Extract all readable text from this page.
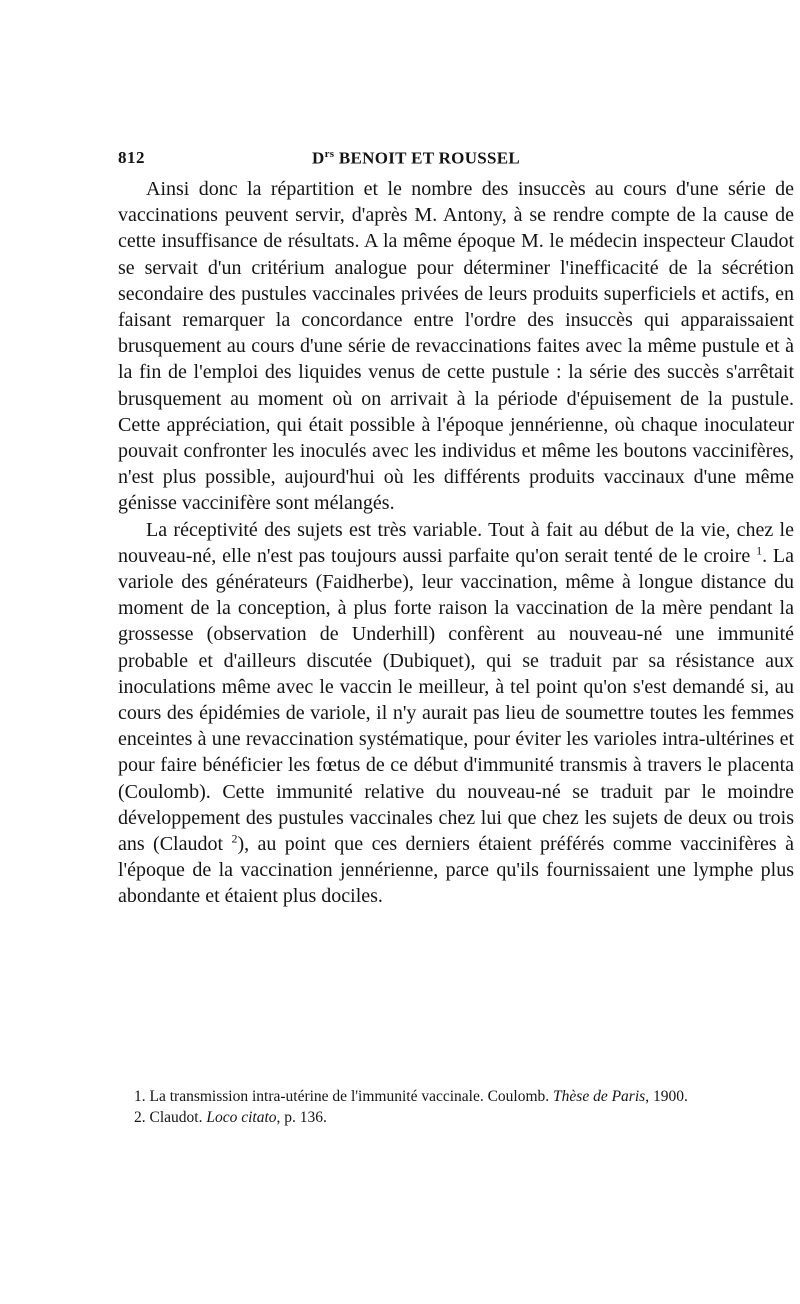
812	$D^{rs}$ BENOIT ET ROUSSEL

Ainsi donc la répartition et le nombre des insuccès au cours d'une série de vaccinations peuvent servir, d'après M. Antony, à se rendre compte de la cause de cette insuffisance de résultats. A la même époque M. le médecin inspecteur Claudot se servait d'un critérium analogue pour déterminer l'inefficacité de la sécrétion secondaire des pustules vaccinales privées de leurs produits superficiels et actifs, en faisant remarquer la concordance entre l'ordre des insuccès qui apparaissaient brusquement au cours d'une série de revaccinations faites avec la même pustule et à la fin de l'emploi des liquides venus de cette pustule : la série des succès s'arrêtait brusquement au moment où on arrivait à la période d'épuisement de la pustule. Cette appréciation, qui était possible à l'époque jennérienne, où chaque inoculateur pouvait confronter les inoculés avec les individus et même les boutons vaccinifères, n'est plus possible, aujourd'hui où les différents produits vaccinaux d'une même génisse vaccinifère sont mélangés.

La réceptivité des sujets est très variable. Tout à fait au début de la vie, chez le nouveau-né, elle n'est pas toujours aussi parfaite qu'on serait tenté de le croire $^1$. La variole des générateurs (Faidherbe), leur vaccination, même à longue distance du moment de la conception, à plus forte raison la vaccination de la mère pendant la grossesse (observation de Underhill) confèrent au nouveau-né une immunité probable et d'ailleurs discutée (Dubiquet), qui se traduit par sa résistance aux inoculations même avec le vaccin le meilleur, à tel point qu'on s'est demandé si, au cours des épidémies de variole, il n'y aurait pas lieu de soumettre toutes les femmes enceintes à une revaccination systématique, pour éviter les varioles intra-ultérines et pour faire bénéficier les fœtus de ce début d'immunité transmis à travers le placenta (Coulomb). Cette immunité relative du nouveau-né se traduit par le moindre développement des pustules vaccinales chez lui que chez les sujets de deux ou trois ans (Claudot $^2$), au point que ces derniers étaient préférés comme vaccinifères à l'époque de la vaccination jennérienne, parce qu'ils fournissaient une lymphe plus abondante et étaient plus dociles.

1. La transmission intra-utérine de l'immunité vaccinale. Coulomb. Thèse de Paris, 1900.

2. Claudot. Loco citato, p. 136.
